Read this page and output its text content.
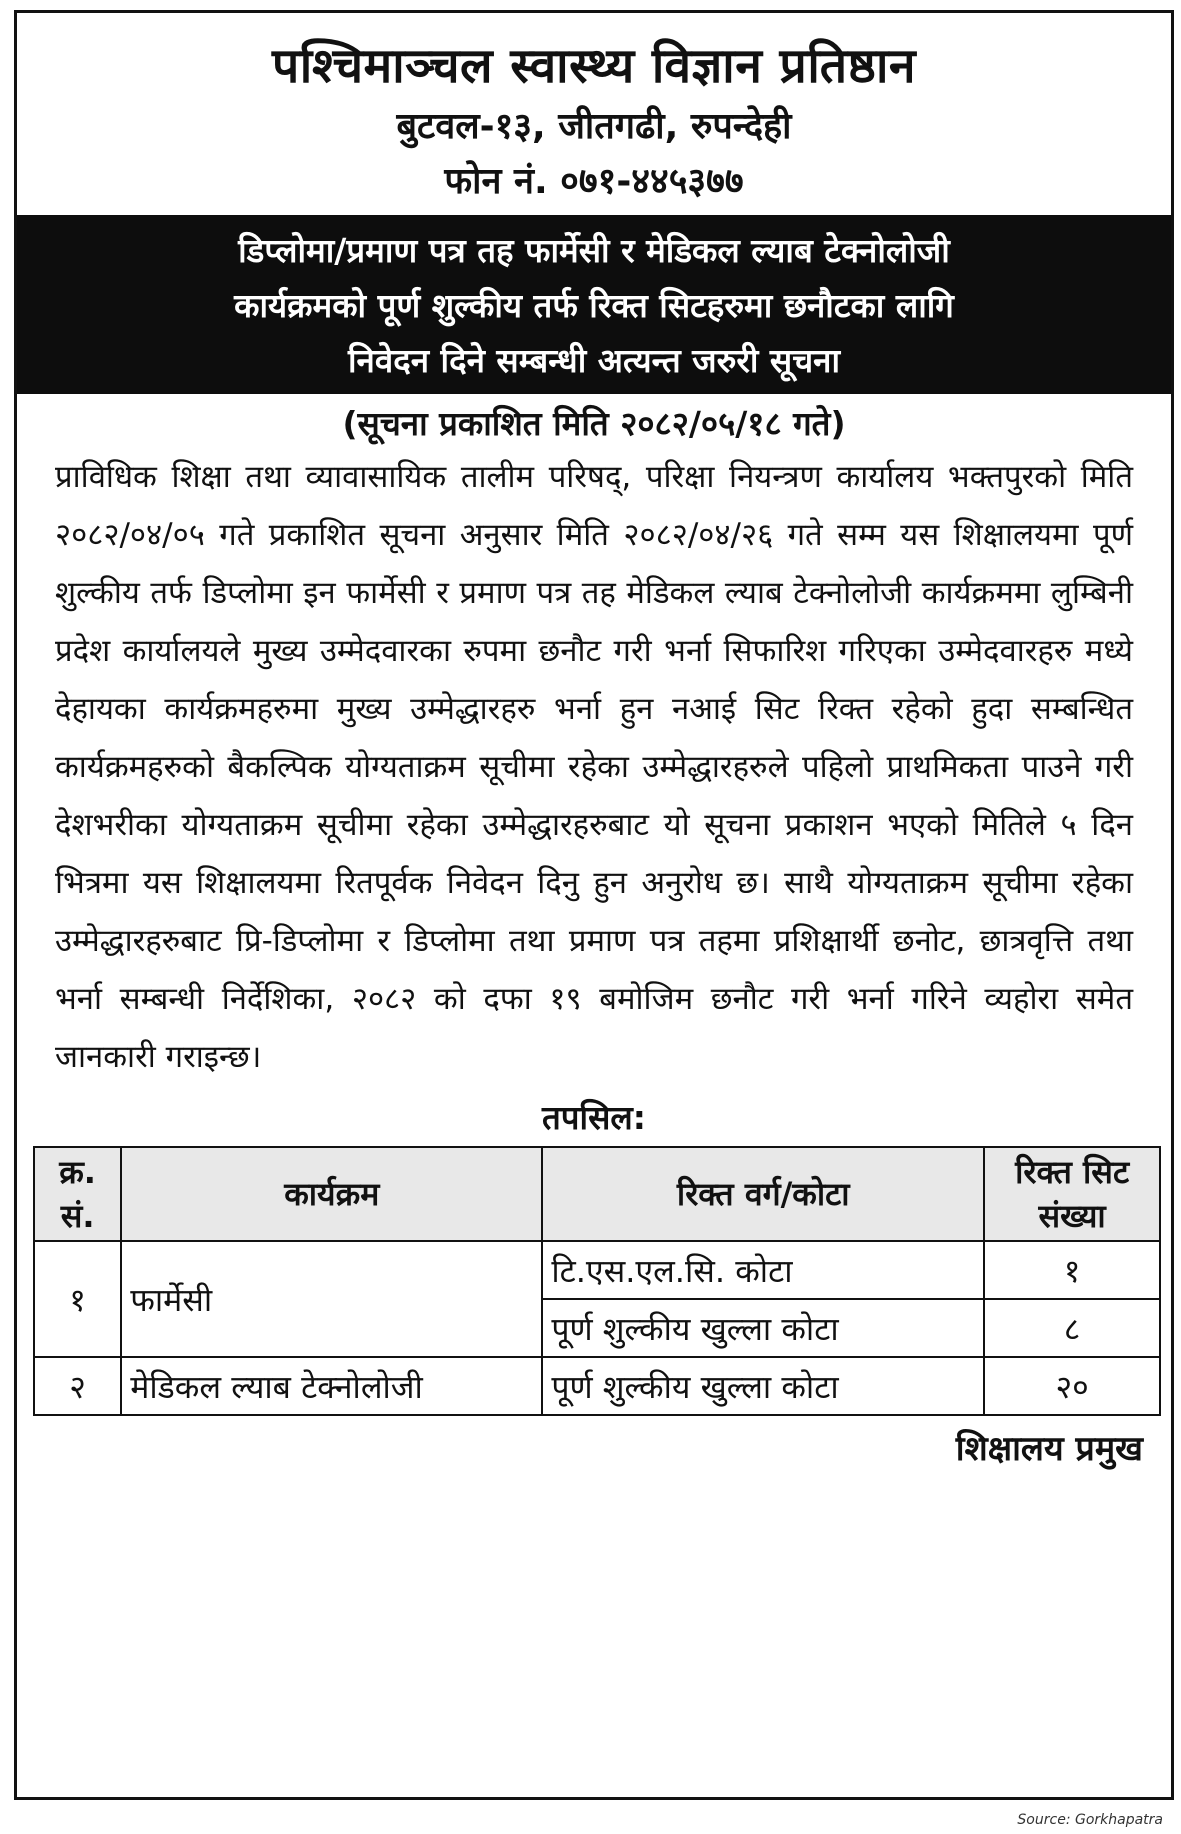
पश्चिमाञ्चल स्वास्थ्य विज्ञान प्रतिष्ठान
बुटवल-१३, जीतगढी, रुपन्देही
फोन नं. ०७१-४४५३७७
डिप्लोमा/प्रमाण पत्र तह फार्मेसी र मेडिकल ल्याब टेक्नोलोजी
कार्यक्रमको पूर्ण शुल्कीय तर्फ रिक्त सिटहरुमा छनौटका लागि
निवेदन दिने सम्बन्धी अत्यन्त जरुरी सूचना
(सूचना प्रकाशित मिति २०८२/०५/१८ गते)
प्राविधिक शिक्षा तथा व्यावासायिक तालीम परिषद्, परिक्षा नियन्त्रण कार्यालय भक्तपुरको मिति २०८२/०४/०५ गते प्रकाशित सूचना अनुसार मिति २०८२/०४/२६ गते सम्म यस शिक्षालयमा पूर्ण शुल्कीय तर्फ डिप्लोमा इन फार्मेसी र प्रमाण पत्र तह मेडिकल ल्याब टेक्नोलोजी कार्यक्रममा लुम्बिनी प्रदेश कार्यालयले मुख्य उम्मेदवारका रुपमा छनौट गरी भर्ना सिफारिश गरिएका उम्मेदवारहरु मध्ये देहायका कार्यक्रमहरुमा मुख्य उम्मेद्धारहरु भर्ना हुन नआई सिट रिक्त रहेको हुदा सम्बन्धित कार्यक्रमहरुको बैकल्पिक योग्यताक्रम सूचीमा रहेका उम्मेद्धारहरुले पहिलो प्राथमिकता पाउने गरी देशभरीका योग्यताक्रम सूचीमा रहेका उम्मेद्धारहरुबाट यो सूचना प्रकाशन भएको मितिले ५ दिन भित्रमा यस शिक्षालयमा रितपूर्वक निवेदन दिनु हुन अनुरोध छ। साथै योग्यताक्रम सूचीमा रहेका उम्मेद्धारहरुबाट प्रि-डिप्लोमा र डिप्लोमा तथा प्रमाण पत्र तहमा प्रशिक्षार्थी छनोट, छात्रवृत्ति तथा भर्ना सम्बन्धी निर्देशिका, २०८२ को दफा १९ बमोजिम छनौट गरी भर्ना गरिने व्यहोरा समेत जानकारी गराइन्छ।
तपसिल:
क्र. सं.	कार्यक्रम	रिक्त वर्ग/कोटा	रिक्त सिट संख्या
१	फार्मेसी	टि.एस.एल.सि. कोटा	१
		पूर्ण शुल्कीय खुल्ला कोटा	८
२	मेडिकल ल्याब टेक्नोलोजी	पूर्ण शुल्कीय खुल्ला कोटा	२०
शिक्षालय प्रमुख
Source: Gorkhapatra
